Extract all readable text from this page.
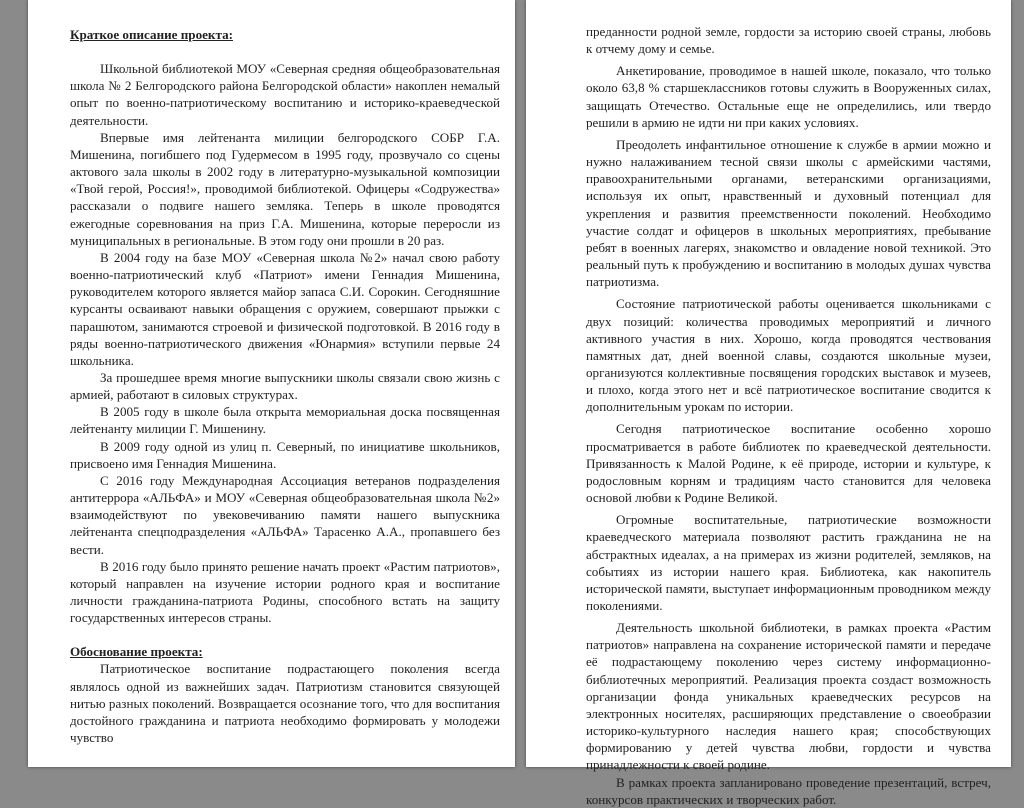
Краткое описание проекта:

Школьной библиотекой МОУ «Северная средняя общеобразовательная школа № 2 Белгородского района Белгородской области» накоплен немалый опыт по военно-патриотическому воспитанию и историко-краеведческой деятельности.

Впервые имя лейтенанта милиции белгородского СОБР Г.А. Мишенина, погибшего под Гудермесом в 1995 году, прозвучало со сцены актового зала школы в 2002 году в литературно-музыкальной композиции «Твой герой, Россия!», проводимой библиотекой. Офицеры «Содружества» рассказали о подвиге нашего земляка. Теперь в школе проводятся ежегодные соревнования на приз Г.А. Мишенина, которые переросли из муниципальных в региональные. В этом году они прошли в 20 раз.

В 2004 году на базе МОУ «Северная школа №2» начал свою работу военно-патриотический клуб «Патриот» имени Геннадия Мишенина, руководителем которого является майор запаса С.И. Сорокин. Сегодняшние курсанты осваивают навыки обращения с оружием, совершают прыжки с парашютом, занимаются строевой и физической подготовкой. В 2016 году в ряды военно-патриотического движения «Юнармия» вступили первые 24 школьника.

За прошедшее время многие выпускники школы связали свою жизнь с армией, работают в силовых структурах.

В 2005 году в школе была открыта мемориальная доска посвященная лейтенанту милиции Г. Мишенину.

В 2009 году одной из улиц п. Северный, по инициативе школьников, присвоено имя Геннадия Мишенина.

С 2016 году Международная Ассоциация ветеранов подразделения антитеррора «АЛЬФА» и МОУ «Северная общеобразовательная школа №2» взаимодействуют по увековечиванию памяти нашего выпускника лейтенанта спецподразделения «АЛЬФА» Тарасенко А.А., пропавшего без вести.

В 2016 году было принято решение начать проект «Растим патриотов», который направлен на изучение истории родного края и воспитание личности гражданина-патриота Родины, способного встать на защиту государственных интересов страны.

Обоснование проекта:

Патриотическое воспитание подрастающего поколения всегда являлось одной из важнейших задач. Патриотизм становится связующей нитью разных поколений. Возвращается осознание того, что для воспитания достойного гражданина и патриота необходимо формировать у молодежи чувство

преданности родной земле, гордости за историю своей страны, любовь к отчему дому и семье.

Анкетирование, проводимое в нашей школе, показало, что только около 63,8 % старшеклассников готовы служить в Вооруженных силах, защищать Отечество. Остальные еще не определились, или твердо решили в армию не идти ни при каких условиях.

Преодолеть инфантильное отношение к службе в армии можно и нужно налаживанием тесной связи школы с армейскими частями, правоохранительными органами, ветеранскими организациями, используя их опыт, нравственный и духовный потенциал для укрепления и развития преемственности поколений. Необходимо участие солдат и офицеров в школьных мероприятиях, пребывание ребят в военных лагерях, знакомство и овладение новой техникой. Это реальный путь к пробуждению и воспитанию в молодых душах чувства патриотизма.

Состояние патриотической работы оценивается школьниками с двух позиций: количества проводимых мероприятий и личного активного участия в них. Хорошо, когда проводятся чествования памятных дат, дней военной славы, создаются школьные музеи, организуются коллективные посвящения городских выставок и музеев, и плохо, когда этого нет и всё патриотическое воспитание сводится к дополнительным урокам по истории.

Сегодня патриотическое воспитание особенно хорошо просматривается в работе библиотек по краеведческой деятельности. Привязанность к Малой Родине, к её природе, истории и культуре, к родословным корням и традициям часто становится для человека основой любви к Родине Великой.

Огромные воспитательные, патриотические возможности краеведческого материала позволяют растить гражданина не на абстрактных идеалах, а на примерах из жизни родителей, земляков, на событиях из истории нашего края. Библиотека, как накопитель исторической памяти, выступает информационным проводником между поколениями.

Деятельность школьной библиотеки, в рамках проекта «Растим патриотов» направлена на сохранение исторической памяти и передаче её подрастающему поколению через систему информационно-библиотечных мероприятий. Реализация проекта создаст возможность организации фонда уникальных краеведческих ресурсов на электронных носителях, расширяющих представление о своеобразии историко-культурного наследия нашего края; способствующих формированию у детей чувства любви, гордости и чувства принадлежности к своей родине.

В рамках проекта запланировано проведение презентаций, встреч, конкурсов практических и творческих работ.
